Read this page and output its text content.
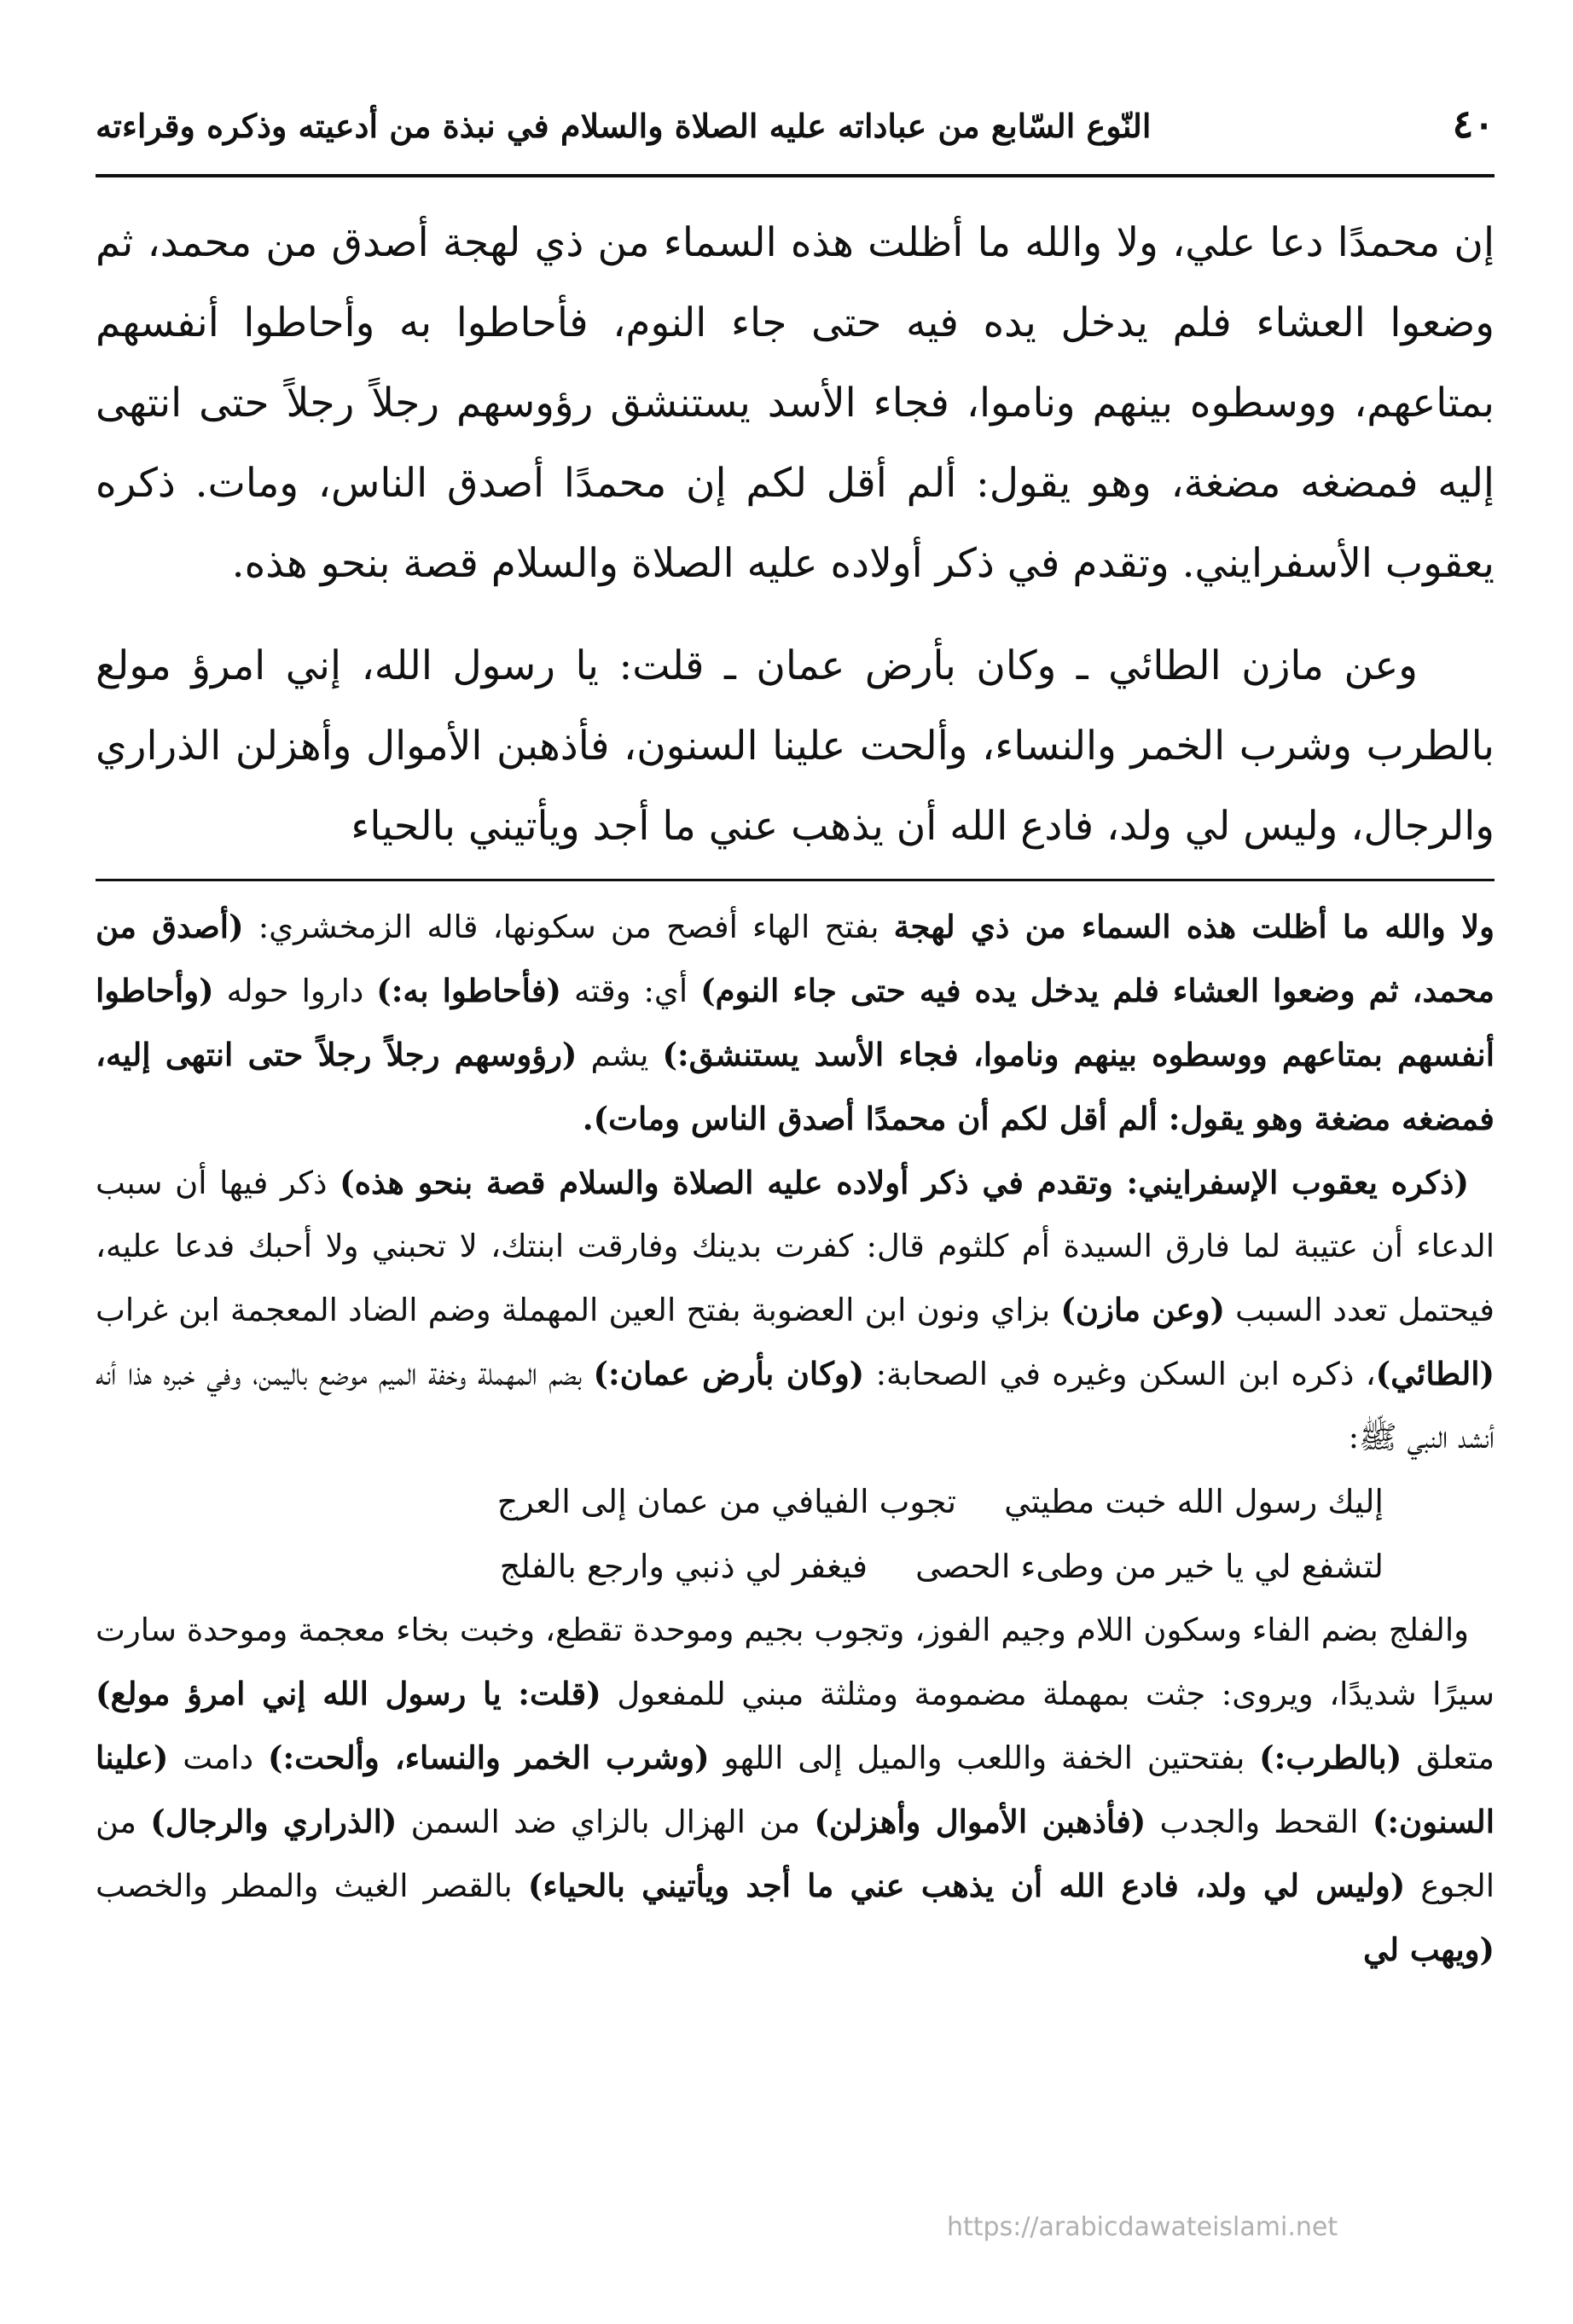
٤٠
النّوع السّابع من عباداته عليه الصلاة والسلام في نبذة من أدعيته وذكره وقراءته

إن محمدًا دعا علي، ولا والله ما أظلت هذه السماء من ذي لهجة أصدق من محمد، ثم وضعوا العشاء فلم يدخل يده فيه حتى جاء النوم، فأحاطوا به وأحاطوا أنفسهم بمتاعهم، ووسطوه بينهم وناموا، فجاء الأسد يستنشق رؤوسهم رجلاً رجلاً حتى انتهى إليه فمضغه مضغة، وهو يقول: ألم أقل لكم إن محمدًا أصدق الناس، ومات. ذكره يعقوب الأسفرايني. وتقدم في ذكر أولاده عليه الصلاة والسلام قصة بنحو هذه.

وعن مازن الطائي ـ وكان بأرض عمان ـ قلت: يا رسول الله، إني امرؤ مولع بالطرب وشرب الخمر والنساء، وألحت علينا السنون، فأذهبن الأموال وأهزلن الذراري والرجال، وليس لي ولد، فادع الله أن يذهب عني ما أجد ويأتيني بالحياء

ولا والله ما أظلت هذه السماء من ذي لهجة بفتح الهاء أفصح من سكونها، قاله الزمخشري: (أصدق من محمد، ثم وضعوا العشاء فلم يدخل يده فيه حتى جاء النوم) أي: وقته (فأحاطوا به:) داروا حوله (وأحاطوا أنفسهم بمتاعهم ووسطوه بينهم وناموا، فجاء الأسد يستنشق:) يشم (رؤوسهم رجلاً رجلاً حتى انتهى إليه، فمضغه مضغة وهو يقول: ألم أقل لكم أن محمدًا أصدق الناس ومات).

(ذكره يعقوب الإسفرايني: وتقدم في ذكر أولاده عليه الصلاة والسلام قصة بنحو هذه) ذكر فيها أن سبب الدعاء أن عتيبة لما فارق السيدة أم كلثوم قال: كفرت بدينك وفارقت ابنتك، لا تحبني ولا أحبك فدعا عليه، فيحتمل تعدد السبب (وعن مازن) بزاي ونون ابن العضوبة بفتح العين المهملة وضم الضاد المعجمة ابن غراب (الطائي)، ذكره ابن السكن وغيره في الصحابة: (وكان بأرض عمان:) بضم المهملة وخفة الميم موضع باليمن، وفي خبره هذا أنه أنشد النبي ﷺ:

إليك رسول الله خبت مطيتي
تجوب الفيافي من عمان إلى العرج
لتشفع لي يا خير من وطىء الحصى
فيغفر لي ذنبي وارجع بالفلج

والفلج بضم الفاء وسكون اللام وجيم الفوز، وتجوب بجيم وموحدة تقطع، وخبت بخاء معجمة وموحدة سارت سيرًا شديدًا، ويروى: جثت بمهملة مضمومة ومثلثة مبني للمفعول (قلت: يا رسول الله إني امرؤ مولع) متعلق (بالطرب:) بفتحتين الخفة واللعب والميل إلى اللهو (وشرب الخمر والنساء، وألحت:) دامت (علينا السنون:) القحط والجدب (فأذهبن الأموال وأهزلن) من الهزال بالزاي ضد السمن (الذراري والرجال) من الجوع (وليس لي ولد، فادع الله أن يذهب عني ما أجد ويأتيني بالحياء) بالقصر الغيث والمطر والخصب (ويهب لي

https://arabicdawateislami.net
